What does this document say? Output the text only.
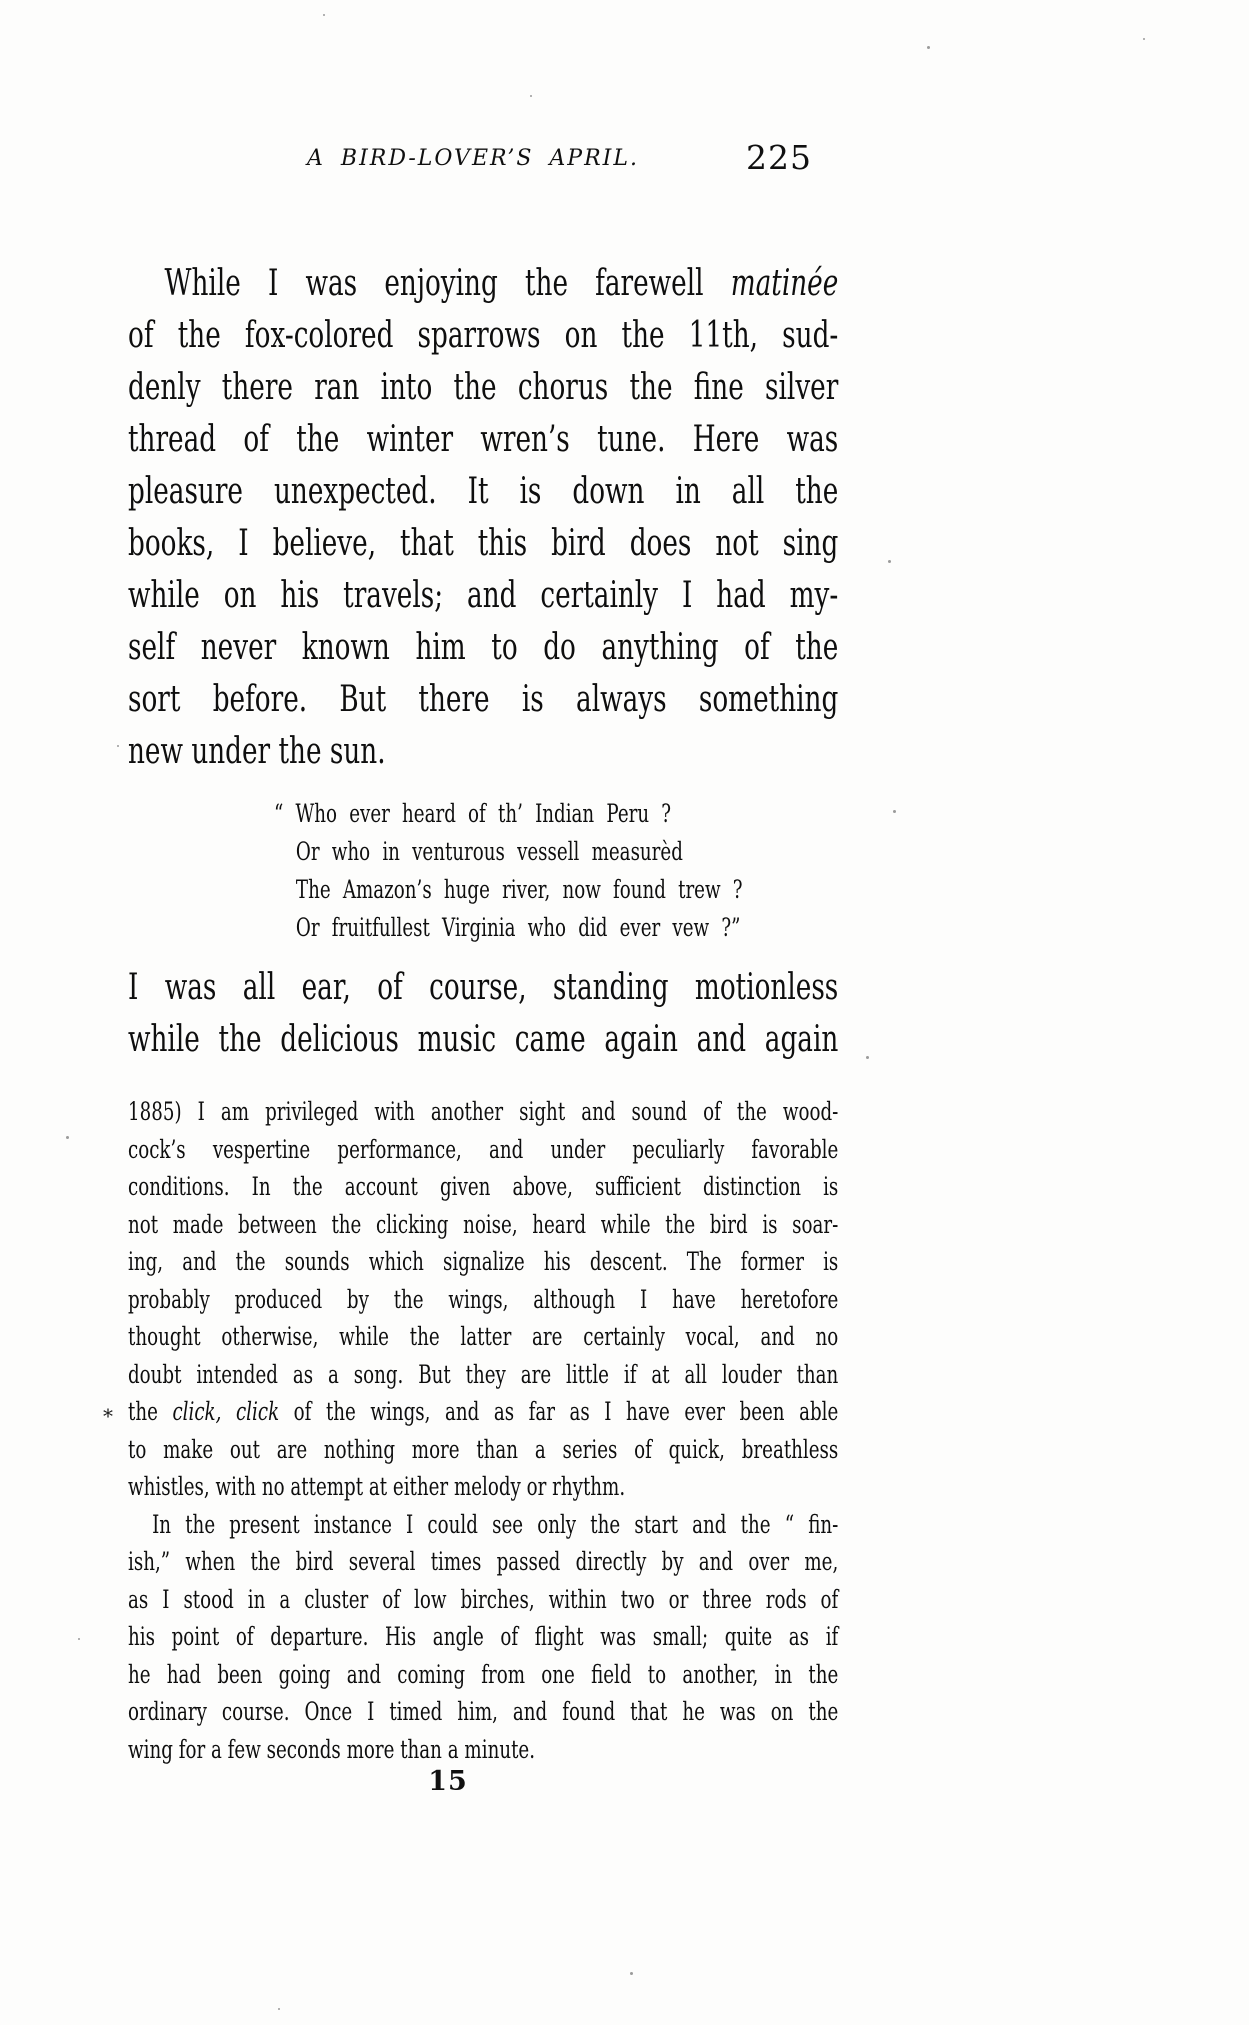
A BIRD-LOVER’S APRIL.	225
While I was enjoying the farewell matinée
of the fox-colored sparrows on the 11th, sud-
denly there ran into the chorus the fine silver
thread of the winter wren’s tune. Here was
pleasure unexpected. It is down in all the
books, I believe, that this bird does not sing
while on his travels; and certainly I had my-
self never known him to do anything of the
sort before. But there is always something
new under the sun.
“ Who ever heard of th’ Indian Peru ?
Or who in venturous vessell measurèd
The Amazon’s huge river, now found trew ?
Or fruitfullest Virginia who did ever vew ?”
I was all ear, of course, standing motionless
while the delicious music came again and again
1885) I am privileged with another sight and sound of the wood-
cock’s vespertine performance, and under peculiarly favorable
conditions. In the account given above, sufficient distinction is
not made between the clicking noise, heard while the bird is soar-
ing, and the sounds which signalize his descent. The former is
probably produced by the wings, although I have heretofore
thought otherwise, while the latter are certainly vocal, and no
doubt intended as a song. But they are little if at all louder than
the click, click of the wings, and as far as I have ever been able
to make out are nothing more than a series of quick, breathless
whistles, with no attempt at either melody or rhythm.
In the present instance I could see only the start and the “ fin-
ish,” when the bird several times passed directly by and over me,
as I stood in a cluster of low birches, within two or three rods of
his point of departure. His angle of flight was small; quite as if
he had been going and coming from one field to another, in the
ordinary course. Once I timed him, and found that he was on the
wing for a few seconds more than a minute.
*
15
